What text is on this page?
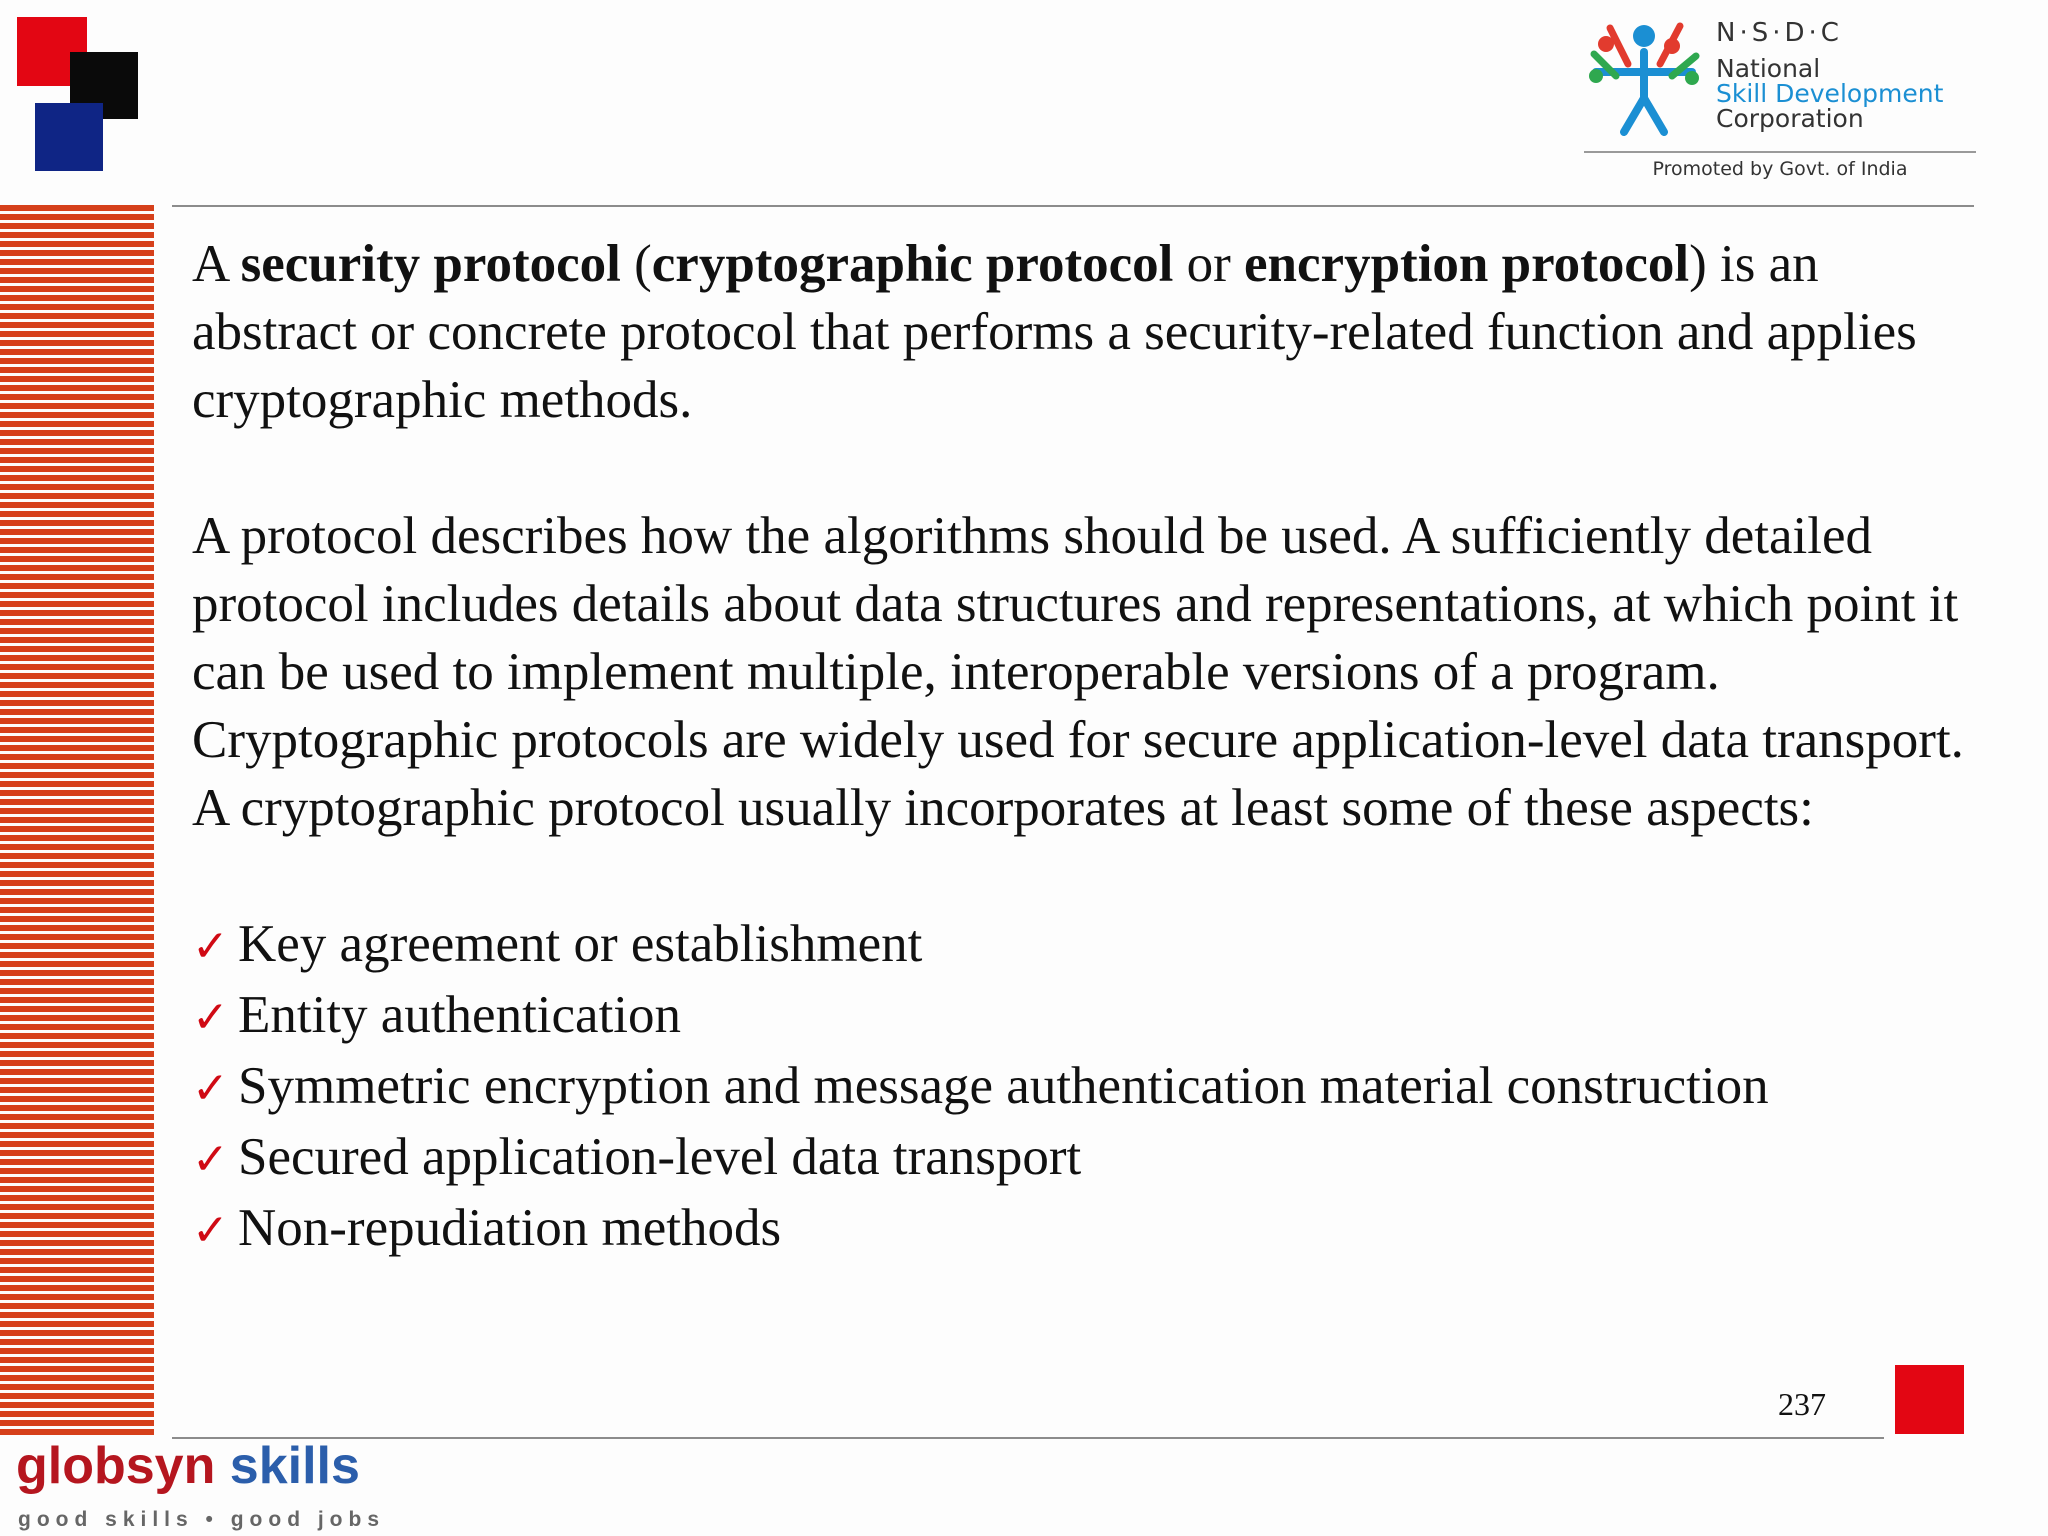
N·S·D·C
National
Skill Development
Corporation
Promoted by Govt. of India

A security protocol (cryptographic protocol or encryption protocol) is an abstract or concrete protocol that performs a security-related function and applies cryptographic methods.

A protocol describes how the algorithms should be used. A sufficiently detailed protocol includes details about data structures and representations, at which point it can be used to implement multiple, interoperable versions of a program.

Cryptographic protocols are widely used for secure application-level data transport. A cryptographic protocol usually incorporates at least some of these aspects:

✓ Key agreement or establishment
✓ Entity authentication
✓ Symmetric encryption and message authentication material construction
✓ Secured application-level data transport
✓ Non-repudiation methods
237
globsyn skills
good skills • good jobs
